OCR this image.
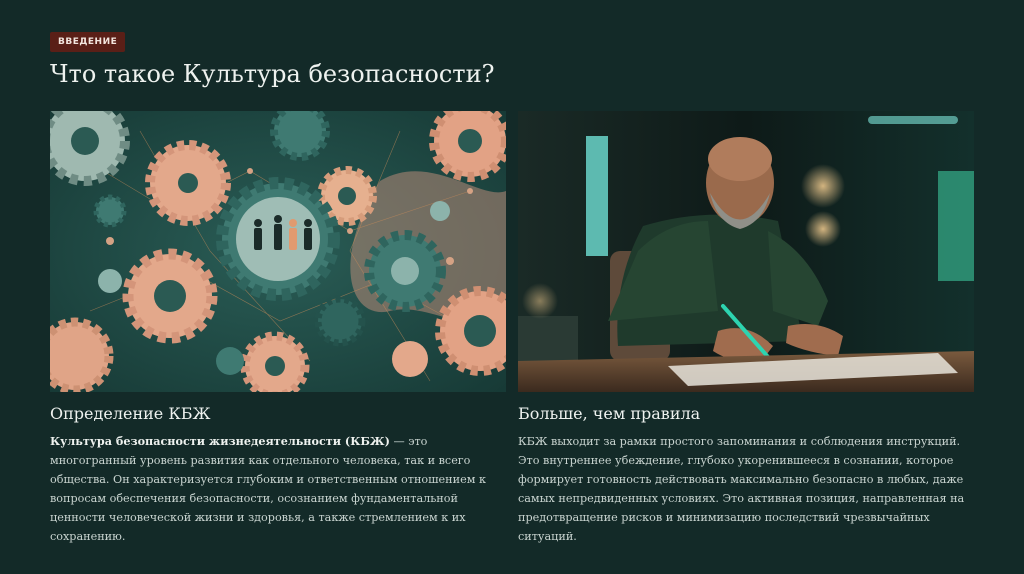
ВВЕДЕНИЕ
Что такое Культура безопасности?
Определение КБЖ

Культура безопасности жизнедеятельности (КБЖ) — это многогранный уровень развития как отдельного человека, так и всего общества. Он характеризуется глубоким и ответственным отношением к вопросам обеспечения безопасности, осознанием фундаментальной ценности человеческой жизни и здоровья, а также стремлением к их сохранению.

Больше, чем правила

КБЖ выходит за рамки простого запоминания и соблюдения инструкций. Это внутреннее убеждение, глубоко укоренившееся в сознании, которое формирует готовность действовать максимально безопасно в любых, даже самых непредвиденных условиях. Это активная позиция, направленная на предотвращение рисков и минимизацию последствий чрезвычайных ситуаций.
